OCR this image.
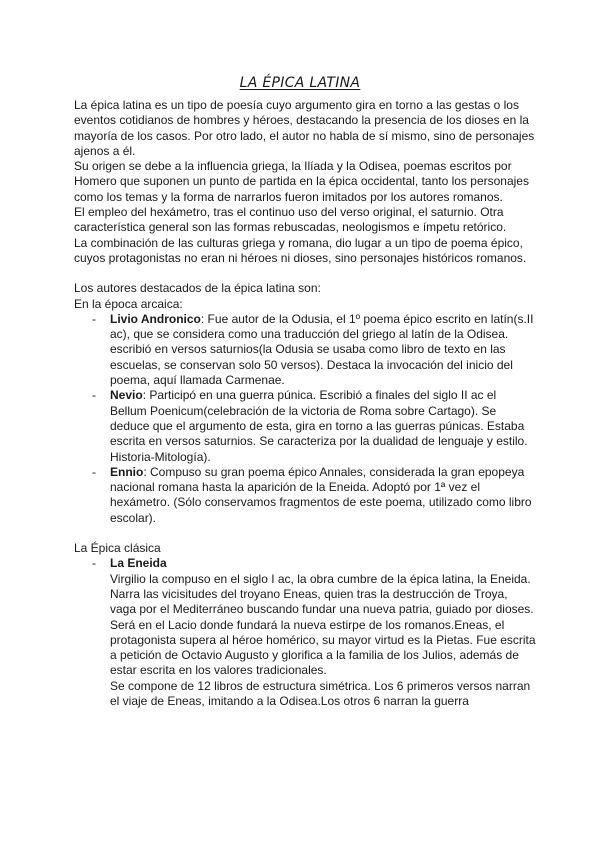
LA ÉPICA LATINA

La épica latina es un tipo de poesía cuyo argumento gira en torno a las gestas o los eventos cotidianos de hombres y héroes, destacando la presencia de los dioses en la mayoría de los casos. Por otro lado, el autor no habla de sí mismo, sino de personajes ajenos a él.

Su origen se debe a la influencia griega, la Ilíada y la Odisea, poemas escritos por Homero que suponen un punto de partida en la épica occidental, tanto los personajes como los temas y la forma de narrarlos fueron imitados por los autores romanos.

El empleo del hexámetro, tras el continuo uso del verso original, el saturnio. Otra característica general son las formas rebuscadas, neologismos e ímpetu retórico.

La combinación de las culturas griega y romana, dio lugar a un tipo de poema épico, cuyos protagonistas no eran ni héroes ni dioses, sino personajes históricos romanos.

Los autores destacados de la épica latina son:

En la época arcaica:

- Livio Andronico: Fue autor de la Odusia, el 1º poema épico escrito en latín(s.II ac), que se considera como una traducción del griego al latín de la Odisea. escribió en versos saturnios(la Odusia se usaba como libro de texto en las escuelas, se conservan solo 50 versos). Destaca la invocación del inicio del poema, aquí llamada Carmenae.
- Nevio: Participó en una guerra púnica. Escribió a finales del siglo II ac el Bellum Poenicum(celebración de la victoria de Roma sobre Cartago). Se deduce que el argumento de esta, gira en torno a las guerras púnicas. Estaba escrita en versos saturnios. Se caracteriza por la dualidad de lenguaje y estilo. Historia-Mitología).
- Ennio: Compuso su gran poema épico Annales, considerada la gran epopeya nacional romana hasta la aparición de la Eneida. Adoptó por 1ª vez el hexámetro. (Sólo conservamos fragmentos de este poema, utilizado como libro escolar).

La Épica clásica

- La Eneida

Virgilio la compuso en el siglo I ac, la obra cumbre de la épica latina, la Eneida. Narra las vicisitudes del troyano Eneas, quien tras la destrucción de Troya, vaga por el Mediterráneo buscando fundar una nueva patria, guiado por dioses. Será en el Lacio donde fundará la nueva estirpe de los romanos.Eneas, el protagonista supera al héroe homérico, su mayor virtud es la Pietas. Fue escrita a petición de Octavio Augusto y glorifica a la familia de los Julios, además de estar escrita en los valores tradicionales.

Se compone de 12 libros de estructura simétrica. Los 6 primeros versos narran el viaje de Eneas, imitando a la Odisea.Los otros 6 narran la guerra
